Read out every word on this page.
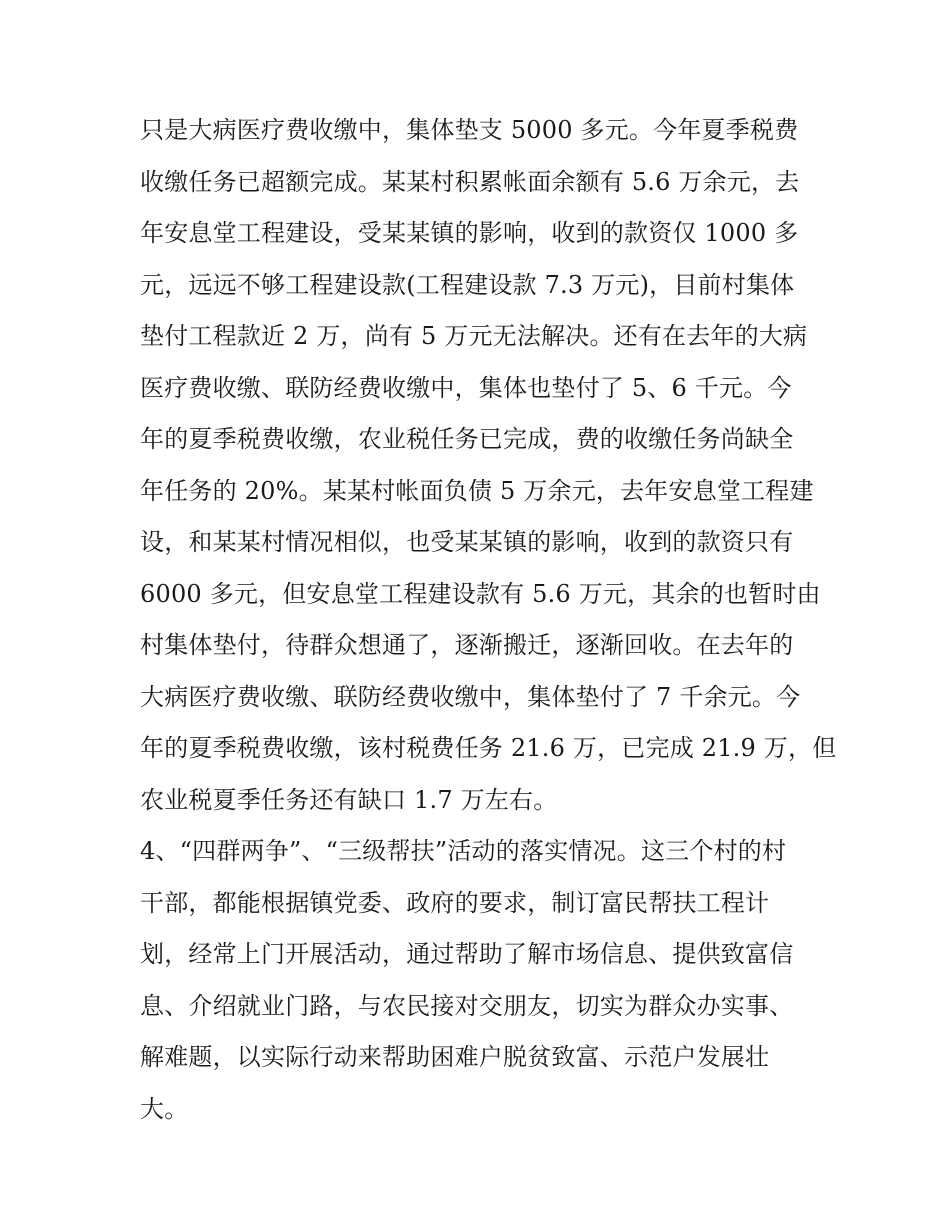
只是大病医疗费收缴中，集体垫支 5000 多元。今年夏季税费
收缴任务已超额完成。某某村积累帐面余额有 5.6 万余元，去
年安息堂工程建设，受某某镇的影响，收到的款资仅 1000 多
元，远远不够工程建设款(工程建设款 7.3 万元)，目前村集体
垫付工程款近 2 万，尚有 5 万元无法解决。还有在去年的大病
医疗费收缴、联防经费收缴中，集体也垫付了 5、6 千元。今
年的夏季税费收缴，农业税任务已完成，费的收缴任务尚缺全
年任务的 20%。某某村帐面负债 5 万余元，去年安息堂工程建
设，和某某村情况相似，也受某某镇的影响，收到的款资只有
6000 多元，但安息堂工程建设款有 5.6 万元，其余的也暂时由
村集体垫付，待群众想通了，逐渐搬迁，逐渐回收。在去年的
大病医疗费收缴、联防经费收缴中，集体垫付了 7 千余元。今
年的夏季税费收缴，该村税费任务 21.6 万，已完成 21.9 万，但
农业税夏季任务还有缺口 1.7 万左右。
4、“四群两争”、“三级帮扶”活动的落实情况。这三个村的村
干部，都能根据镇党委、政府的要求，制订富民帮扶工程计
划，经常上门开展活动，通过帮助了解市场信息、提供致富信
息、介绍就业门路，与农民接对交朋友，切实为群众办实事、
解难题，以实际行动来帮助困难户脱贫致富、示范户发展壮
大。
